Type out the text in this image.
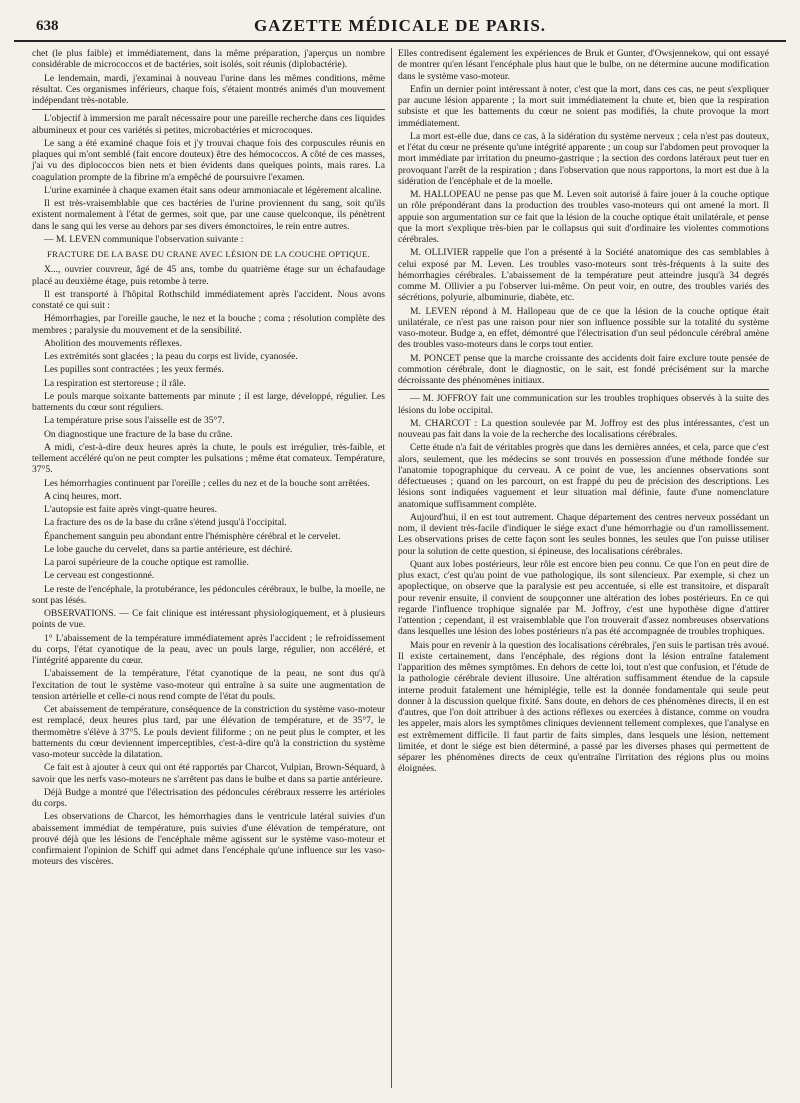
638	GAZETTE MÉDICALE DE PARIS.

chet (le plus faible) et immédiatement, dans la même préparation, j'aperçus un nombre considérable de micrococcos et de bactéries, soit isolés, soit réunis (diplobactérie).

Le lendemain, mardi, j'examinai à nouveau l'urine dans les mêmes conditions, même résultat. Ces organismes inférieurs, chaque fois, s'étaient montrés animés d'un mouvement indépendant très-notable.

L'objectif à immersion me paraît nécessaire pour une pareille recherche dans ces liquides albumineux et pour ces variétés si petites, microbactéries et microcoques.

Le sang a été examiné chaque fois et j'y trouvai chaque fois des corpuscules réunis en plaques qui m'ont semblé (fait encore douteux) être des hémococcos. A côté de ces masses, j'ai vu des diplococcos bien nets et bien évidents dans quelques points, mais rares. La coagulation prompte de la fibrine m'a empêché de poursuivre l'examen.

L'urine examinée à chaque examen était sans odeur ammoniacale et légèrement alcaline.

Il est très-vraisemblable que ces bactéries de l'urine proviennent du sang, soit qu'ils existent normalement à l'état de germes, soit que, par une cause quelconque, ils pénètrent dans le sang qui les verse au dehors par ses divers émonctoires, le rein entre autres.

— M. LEVEN communique l'observation suivante :

FRACTURE DE LA BASE DU CRANE AVEC LÉSION DE LA COUCHE OPTIQUE.

X..., ouvrier couvreur, âgé de 45 ans, tombe du quatrième étage sur un échafaudage placé au deuxième étage, puis retombe à terre.

Il est transporté à l'hôpital Rothschild immédiatement après l'accident. Nous avons constaté ce qui suit :

Hémorrhagies, par l'oreille gauche, le nez et la bouche ; coma ; résolution complète des membres ; paralysie du mouvement et de la sensibilité.

Abolition des mouvements réflexes.

Les extrémités sont glacées ; la peau du corps est livide, cyanosée.

Les pupilles sont contractées ; les yeux fermés.

La respiration est stertoreuse ; il râle.

Le pouls marque soixante battements par minute ; il est large, développé, régulier. Les battements du cœur sont réguliers.

La température prise sous l'aisselle est de 35°7.

On diagnostique une fracture de la base du crâne.

A midi, c'est-à-dire deux heures après la chute, le pouls est irrégulier, très-faible, et tellement accéléré qu'on ne peut compter les pulsations ; même état comateux. Température, 37°5.

Les hémorrhagies continuent par l'oreille ; celles du nez et de la bouche sont arrêtées.

A cinq heures, mort.

L'autopsie est faite après vingt-quatre heures.

La fracture des os de la base du crâne s'étend jusqu'à l'occipital.

Épanchement sanguin peu abondant entre l'hémisphère cérébral et le cervelet.

Le lobe gauche du cervelet, dans sa partie antérieure, est déchiré.

La paroi supérieure de la couche optique est ramollie.

Le cerveau est congestionné.

Le reste de l'encéphale, la protubérance, les pédoncules cérébraux, le bulbe, la moelle, ne sont pas lésés.

OBSERVATIONS. — Ce fait clinique est intéressant physiologiquement, et à plusieurs points de vue.

1° L'abaissement de la température immédiatement après l'accident ; le refroidissement du corps, l'état cyanotique de la peau, avec un pouls large, régulier, non accéléré, et l'intégrité apparente du cœur.

L'abaissement de la température, l'état cyanotique de la peau, ne sont dus qu'à l'excitation de tout le système vaso-moteur qui entraîne à sa suite une augmentation de tension artérielle et celle-ci nous rend compte de l'état du pouls.

Cet abaissement de température, conséquence de la constriction du système vaso-moteur est remplacé, deux heures plus tard, par une élévation de température, et de 35°7, le thermomètre s'élève à 37°5. Le pouls devient filiforme ; on ne peut plus le compter, et les battements du cœur deviennent imperceptibles, c'est-à-dire qu'à la constriction du système vaso-moteur succède la dilatation.

Ce fait est à ajouter à ceux qui ont été rapportés par Charcot, Vulpian, Brown-Séquard, à savoir que les nerfs vaso-moteurs ne s'arrêtent pas dans le bulbe et dans sa partie antérieure.

Déjà Budge a montré que l'électrisation des pédoncules cérébraux resserre les artérioles du corps.

Les observations de Charcot, les hémorrhagies dans le ventricule latéral suivies d'un abaissement immédiat de température, puis suivies d'une élévation de température, ont prouvé déjà que les lésions de l'encéphale même agissent sur le système vaso-moteur et confirmaient l'opinion de Schiff qui admet dans l'encéphale qu'une influence sur les vaso-moteurs des viscères.

Elles contredisent également les expériences de Bruk et Gunter, d'Owsjennekow, qui ont essayé de montrer qu'en lésant l'encéphale plus haut que le bulbe, on ne détermine aucune modification dans le système vaso-moteur.

Enfin un dernier point intéressant à noter, c'est que la mort, dans ces cas, ne peut s'expliquer par aucune lésion apparente ; la mort suit immédiatement la chute et, bien que la respiration subsiste et que les battements du cœur ne soient pas modifiés, la chute provoque la mort immédiatement.

La mort est-elle due, dans ce cas, à la sidération du système nerveux ; cela n'est pas douteux, et l'état du cœur ne présente qu'une intégrité apparente ; un coup sur l'abdomen peut provoquer la mort immédiate par irritation du pneumo-gastrique ; la section des cordons latéraux peut tuer en provoquant l'arrêt de la respiration ; dans l'observation que nous rapportons, la mort est due à la sidération de l'encéphale et de la moelle.

M. HALLOPEAU ne pense pas que M. Leven soit autorisé à faire jouer à la couche optique un rôle prépondérant dans la production des troubles vaso-moteurs qui ont amené la mort. Il appuie son argumentation sur ce fait que la lésion de la couche optique était unilatérale, et pense que la mort s'explique très-bien par le collapsus qui suit d'ordinaire les violentes commotions cérébrales.

M. OLLIVIER rappelle que l'on a présenté à la Société anatomique des cas semblables à celui exposé par M. Leven. Les troubles vaso-moteurs sont très-fréquents à la suite des hémorrhagies cérébrales. L'abaissement de la température peut atteindre jusqu'à 34 degrés comme M. Ollivier a pu l'observer lui-même. On peut voir, en outre, des troubles variés des sécrétions, polyurie, albuminurie, diabète, etc.

M. LEVEN répond à M. Hallopeau que de ce que la lésion de la couche optique était unilatérale, ce n'est pas une raison pour nier son influence possible sur la totalité du système vaso-moteur. Budge a, en effet, démontré que l'électrisation d'un seul pédoncule cérébral amène des troubles vaso-moteurs dans le corps tout entier.

M. PONCET pense que la marche croissante des accidents doit faire exclure toute pensée de commotion cérébrale, dont le diagnostic, on le sait, est fondé précisément sur la marche décroissante des phénomènes initiaux.

— M. JOFFROY fait une communication sur les troubles trophiques observés à la suite des lésions du lobe occipital.

M. CHARCOT : La question soulevée par M. Joffroy est des plus intéressantes, c'est un nouveau pas fait dans la voie de la recherche des localisations cérébrales.

Cette étude n'a fait de véritables progrès que dans les dernières années, et cela, parce que c'est alors, seulement, que les médecins se sont trouvés en possession d'une méthode fondée sur l'anatomie topographique du cerveau. A ce point de vue, les anciennes observations sont défectueuses ; quand on les parcourt, on est frappé du peu de précision des descriptions. Les lésions sont indiquées vaguement et leur situation mal définie, faute d'une nomenclature anatomique suffisamment complète.

Aujourd'hui, il en est tout autrement. Chaque département des centres nerveux possédant un nom, il devient très-facile d'indiquer le siége exact d'une hémorrhagie ou d'un ramollissement. Les observations prises de cette façon sont les seules bonnes, les seules que l'on puisse utiliser pour la solution de cette question, si épineuse, des localisations cérébrales.

Quant aux lobes postérieurs, leur rôle est encore bien peu connu. Ce que l'on en peut dire de plus exact, c'est qu'au point de vue pathologique, ils sont silencieux. Par exemple, si chez un apoplectique, on observe que la paralysie est peu accentuée, si elle est transitoire, et disparaît pour revenir ensuite, il convient de soupçonner une altération des lobes postérieurs. En ce qui regarde l'influence trophique signalée par M. Joffroy, c'est une hypothèse digne d'attirer l'attention ; cependant, il est vraisemblable que l'on trouverait d'assez nombreuses observations dans lesquelles une lésion des lobes postérieurs n'a pas été accompagnée de troubles trophiques.

Mais pour en revenir à la question des localisations cérébrales, j'en suis le partisan très avoué. Il existe certainement, dans l'encéphale, des régions dont la lésion entraîne fatalement l'apparition des mêmes symptômes. En dehors de cette loi, tout n'est que confusion, et l'étude de la pathologie cérébrale devient illusoire. Une altération suffisamment étendue de la capsule interne produit fatalement une hémiplégie, telle est la donnée fondamentale qui seule peut donner à la discussion quelque fixité. Sans doute, en dehors de ces phénomènes directs, il en est d'autres, que l'on doit attribuer à des actions réflexes ou exercées à distance, comme on voudra les appeler, mais alors les symptômes cliniques deviennent tellement complexes, que l'analyse en est extrêmement difficile. Il faut partir de faits simples, dans lesquels une lésion, nettement limitée, et dont le siége est bien déterminé, a passé par les diverses phases qui permettent de séparer les phénomènes directs de ceux qu'entraîne l'irritation des régions plus ou moins éloignées.
